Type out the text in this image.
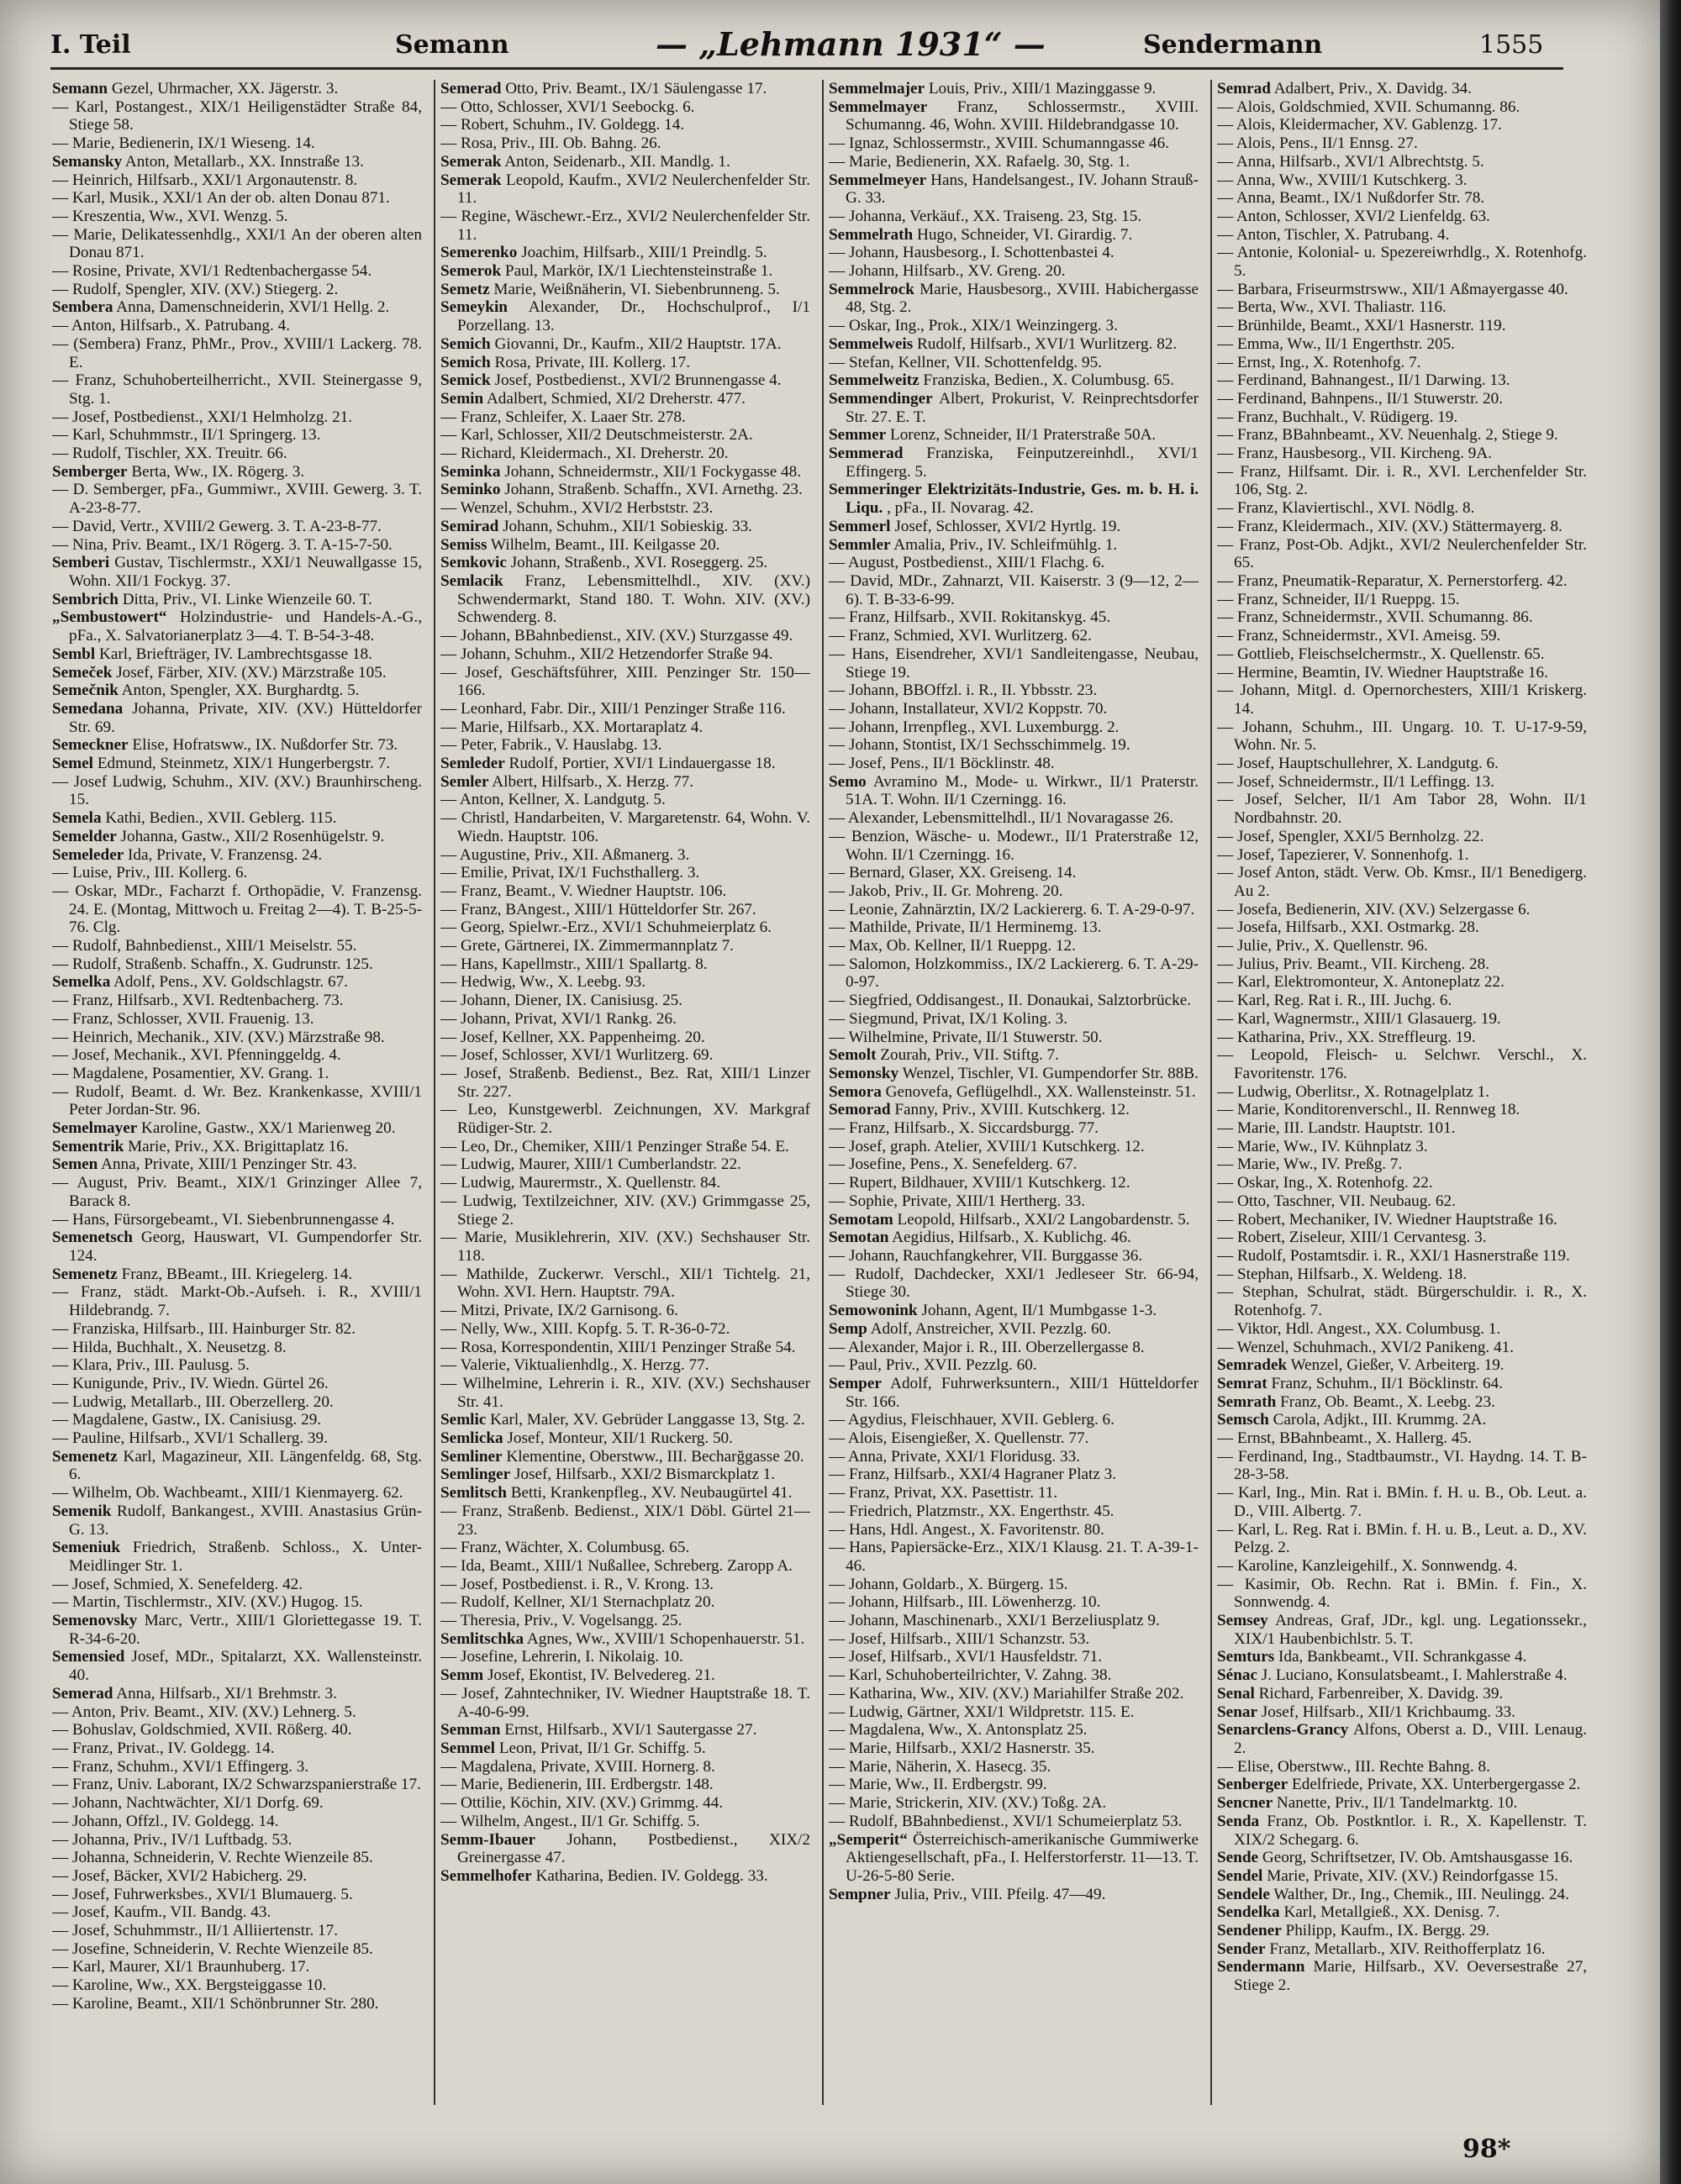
I. Teil	Semann	— „Lehmann 1931“ —	Sendermann	1555

Semann Gezel, Uhrmacher, XX. Jägerstr. 3.

— Karl, Postangest., XIX/1 Heiligenstädter Straße 84, Stiege 58.

— Marie, Bedienerin, IX/1 Wieseng. 14.

Semansky Anton, Metallarb., XX. Innstraße 13.

— Heinrich, Hilfsarb., XXI/1 Argonautenstr. 8.

— Karl, Musik., XXI/1 An der ob. alten Donau 871.

— Kreszentia, Ww., XVI. Wenzg. 5.

— Marie, Delikatessenhdlg., XXI/1 An der oberen alten Donau 871.

— Rosine, Private, XVI/1 Redtenbachergasse 54.

— Rudolf, Spengler, XIV. (XV.) Stiegerg. 2.

Sembera Anna, Damenschneiderin, XVI/1 Hellg. 2.

— Anton, Hilfsarb., X. Patrubang. 4.

— (Sembera) Franz, PhMr., Prov., XVIII/1 Lackerg. 78. E.

— Franz, Schuhoberteilherricht., XVII. Steinergasse 9, Stg. 1.

— Josef, Postbedienst., XXI/1 Helmholzg. 21.

— Karl, Schuhmmstr., II/1 Springerg. 13.

— Rudolf, Tischler, XX. Treuitr. 66.

Semberger Berta, Ww., IX. Rögerg. 3.

— D. Semberger, pFa., Gummiwr., XVIII. Gewerg. 3. T. A-23-8-77.

— David, Vertr., XVIII/2 Gewerg. 3. T. A-23-8-77.

— Nina, Priv. Beamt., IX/1 Rögerg. 3. T. A-15-7-50.

Semberi Gustav, Tischlermstr., XXI/1 Neuwallgasse 15, Wohn. XII/1 Fockyg. 37.

Sembrich Ditta, Priv., VI. Linke Wienzeile 60. T.

„Sembustowert“ Holzindustrie- und Handels-A.-G., pFa., X. Salvatorianerplatz 3—4. T. B-54-3-48.

Sembl Karl, Briefträger, IV. Lambrechtsgasse 18.

Semeček Josef, Färber, XIV. (XV.) Märzstraße 105.

Semečnik Anton, Spengler, XX. Burghardtg. 5.

Semedana Johanna, Private, XIV. (XV.) Hütteldorfer Str. 69.

Semeckner Elise, Hofratsww., IX. Nußdorfer Str. 73.

Semel Edmund, Steinmetz, XIX/1 Hungerbergstr. 7.

— Josef Ludwig, Schuhm., XIV. (XV.) Braunhirscheng. 15.

Semela Kathi, Bedien., XVII. Geblerg. 115.

Semelder Johanna, Gastw., XII/2 Rosenhügelstr. 9.

Semeleder Ida, Private, V. Franzensg. 24.

— Luise, Priv., III. Kollerg. 6.

— Oskar, MDr., Facharzt f. Orthopädie, V. Franzensg. 24. E. (Montag, Mittwoch u. Freitag 2—4). T. B-25-5-76. Clg.

— Rudolf, Bahnbedienst., XIII/1 Meiselstr. 55.

— Rudolf, Straßenb. Schaffn., X. Gudrunstr. 125.

Semelka Adolf, Pens., XV. Goldschlagstr. 67.

— Franz, Hilfsarb., XVI. Redtenbacherg. 73.

— Franz, Schlosser, XVII. Frauenig. 13.

— Heinrich, Mechanik., XIV. (XV.) Märzstraße 98.

— Josef, Mechanik., XVI. Pfenninggeldg. 4.

— Magdalene, Posamentier, XV. Grang. 1.

— Rudolf, Beamt. d. Wr. Bez. Krankenkasse, XVIII/1 Peter Jordan-Str. 96.

Semelmayer Karoline, Gastw., XX/1 Marienweg 20.

Sementrik Marie, Priv., XX. Brigittaplatz 16.

Semen Anna, Private, XIII/1 Penzinger Str. 43.

— August, Priv. Beamt., XIX/1 Grinzinger Allee 7, Barack 8.

— Hans, Fürsorgebeamt., VI. Siebenbrunnengasse 4.

Semenetsch Georg, Hauswart, VI. Gumpendorfer Str. 124.

Semenetz Franz, BBeamt., III. Kriegelerg. 14.

— Franz, städt. Markt-Ob.-Aufseh. i. R., XVIII/1 Hildebrandg. 7.

— Franziska, Hilfsarb., III. Hainburger Str. 82.

— Hilda, Buchhalt., X. Neusetzg. 8.

— Klara, Priv., III. Paulusg. 5.

— Kunigunde, Priv., IV. Wiedn. Gürtel 26.

— Ludwig, Metallarb., III. Oberzellerg. 20.

— Magdalene, Gastw., IX. Canisiusg. 29.

— Pauline, Hilfsarb., XVI/1 Schallerg. 39.

Semenetz Karl, Magazineur, XII. Längenfeldg. 68, Stg. 6.

— Wilhelm, Ob. Wachbeamt., XIII/1 Kienmayerg. 62.

Semenik Rudolf, Bankangest., XVIII. Anastasius Grün-G. 13.

Semeniuk Friedrich, Straßenb. Schloss., X. Unter-Meidlinger Str. 1.

— Josef, Schmied, X. Senefelderg. 42.

— Martin, Tischlermstr., XIV. (XV.) Hugog. 15.

Semenovsky Marc, Vertr., XIII/1 Gloriettegasse 19. T. R-34-6-20.

Semensied Josef, MDr., Spitalarzt, XX. Wallensteinstr. 40.

Semerad Anna, Hilfsarb., XI/1 Brehmstr. 3.

— Anton, Priv. Beamt., XIV. (XV.) Lehnerg. 5.

— Bohuslav, Goldschmied, XVII. Rößerg. 40.

— Franz, Privat., IV. Goldegg. 14.

— Franz, Schuhm., XVI/1 Effingerg. 3.

— Franz, Univ. Laborant, IX/2 Schwarzspanierstraße 17.

— Johann, Nachtwächter, XI/1 Dorfg. 69.

— Johann, Offzl., IV. Goldegg. 14.

— Johanna, Priv., IV/1 Luftbadg. 53.

— Johanna, Schneiderin, V. Rechte Wienzeile 85.

— Josef, Bäcker, XVI/2 Habicherg. 29.

— Josef, Fuhrwerksbes., XVI/1 Blumauerg. 5.

— Josef, Kaufm., VII. Bandg. 43.

— Josef, Schuhmmstr., II/1 Alliiertenstr. 17.

— Josefine, Schneiderin, V. Rechte Wienzeile 85.

— Karl, Maurer, XI/1 Braunhuberg. 17.

— Karoline, Ww., XX. Bergsteiggasse 10.

— Karoline, Beamt., XII/1 Schönbrunner Str. 280.

Semerad Otto, Priv. Beamt., IX/1 Säulengasse 17.

— Otto, Schlosser, XVI/1 Seebockg. 6.

— Robert, Schuhm., IV. Goldegg. 14.

— Rosa, Priv., III. Ob. Bahng. 26.

Semerak Anton, Seidenarb., XII. Mandlg. 1.

Semerak Leopold, Kaufm., XVI/2 Neulerchenfelder Str. 11.

— Regine, Wäschewr.-Erz., XVI/2 Neulerchenfelder Str. 11.

Semerenko Joachim, Hilfsarb., XIII/1 Preindlg. 5.

Semerok Paul, Markör, IX/1 Liechtensteinstraße 1.

Semetz Marie, Weißnäherin, VI. Siebenbrunneng. 5.

Semeykin Alexander, Dr., Hochschulprof., I/1 Porzellang. 13.

Semich Giovanni, Dr., Kaufm., XII/2 Hauptstr. 17A.

Semich Rosa, Private, III. Kollerg. 17.

Semick Josef, Postbedienst., XVI/2 Brunnengasse 4.

Semin Adalbert, Schmied, XI/2 Dreherstr. 477.

— Franz, Schleifer, X. Laaer Str. 278.

— Karl, Schlosser, XII/2 Deutschmeisterstr. 2A.

— Richard, Kleidermach., XI. Dreherstr. 20.

Seminka Johann, Schneidermstr., XII/1 Fockygasse 48.

Seminko Johann, Straßenb. Schaffn., XVI. Arnethg. 23.

— Wenzel, Schuhm., XVI/2 Herbststr. 23.

Semirad Johann, Schuhm., XII/1 Sobieskig. 33.

Semiss Wilhelm, Beamt., III. Keilgasse 20.

Semkovic Johann, Straßenb., XVI. Roseggerg. 25.

Semlacik Franz, Lebensmittelhdl., XIV. (XV.) Schwendermarkt, Stand 180. T. Wohn. XIV. (XV.) Schwenderg. 8.

— Johann, BBahnbedienst., XIV. (XV.) Sturzgasse 49.

— Johann, Schuhm., XII/2 Hetzendorfer Straße 94.

— Josef, Geschäftsführer, XIII. Penzinger Str. 150—166.

— Leonhard, Fabr. Dir., XIII/1 Penzinger Straße 116.

— Marie, Hilfsarb., XX. Mortaraplatz 4.

— Peter, Fabrik., V. Hauslabg. 13.

Semleder Rudolf, Portier, XVI/1 Lindauergasse 18.

Semler Albert, Hilfsarb., X. Herzg. 77.

— Anton, Kellner, X. Landgutg. 5.

— Christl, Handarbeiten, V. Margaretenstr. 64, Wohn. V. Wiedn. Hauptstr. 106.

— Augustine, Priv., XII. Aßmanerg. 3.

— Emilie, Privat, IX/1 Fuchsthallerg. 3.

— Franz, Beamt., V. Wiedner Hauptstr. 106.

— Franz, BAngest., XIII/1 Hütteldorfer Str. 267.

— Georg, Spielwr.-Erz., XVI/1 Schuhmeierplatz 6.

— Grete, Gärtnerei, IX. Zimmermannplatz 7.

— Hans, Kapellmstr., XIII/1 Spallartg. 8.

— Hedwig, Ww., X. Leebg. 93.

— Johann, Diener, IX. Canisiusg. 25.

— Johann, Privat, XVI/1 Rankg. 26.

— Josef, Kellner, XX. Pappenheimg. 20.

— Josef, Schlosser, XVI/1 Wurlitzerg. 69.

— Josef, Straßenb. Bedienst., Bez. Rat, XIII/1 Linzer Str. 227.

— Leo, Kunstgewerbl. Zeichnungen, XV. Markgraf Rüdiger-Str. 2.

— Leo, Dr., Chemiker, XIII/1 Penzinger Straße 54. E.

— Ludwig, Maurer, XIII/1 Cumberlandstr. 22.

— Ludwig, Maurermstr., X. Quellenstr. 84.

— Ludwig, Textilzeichner, XIV. (XV.) Grimmgasse 25, Stiege 2.

— Marie, Musiklehrerin, XIV. (XV.) Sechshauser Str. 118.

— Mathilde, Zuckerwr. Verschl., XII/1 Tichtelg. 21, Wohn. XVI. Hern. Hauptstr. 79A.

— Mitzi, Private, IX/2 Garnisong. 6.

— Nelly, Ww., XIII. Kopfg. 5. T. R-36-0-72.

— Rosa, Korrespondentin, XIII/1 Penzinger Straße 54.

— Valerie, Viktualienhdlg., X. Herzg. 77.

— Wilhelmine, Lehrerin i. R., XIV. (XV.) Sechshauser Str. 41.

Semlic Karl, Maler, XV. Gebrüder Langgasse 13, Stg. 2.

Semlicka Josef, Monteur, XII/1 Ruckerg. 50.

Semliner Klementine, Oberstww., III. Becharğgasse 20.

Semlinger Josef, Hilfsarb., XXI/2 Bismarckplatz 1.

Semlitsch Betti, Krankenpfleg., XV. Neubaugürtel 41.

— Franz, Straßenb. Bedienst., XIX/1 Döbl. Gürtel 21—23.

— Franz, Wächter, X. Columbusg. 65.

— Ida, Beamt., XIII/1 Nußallee, Schreberg. Zaropp A.

— Josef, Postbedienst. i. R., V. Krong. 13.

— Rudolf, Kellner, XI/1 Sternachplatz 20.

— Theresia, Priv., V. Vogelsangg. 25.

Semlitschka Agnes, Ww., XVIII/1 Schopenhauerstr. 51.

— Josefine, Lehrerin, I. Nikolaig. 10.

Semm Josef, Ekontist, IV. Belvedereg. 21.

— Josef, Zahntechniker, IV. Wiedner Hauptstraße 18. T. A-40-6-99.

Semman Ernst, Hilfsarb., XVI/1 Sautergasse 27.

Semmel Leon, Privat, II/1 Gr. Schiffg. 5.

— Magdalena, Private, XVIII. Hornerg. 8.

— Marie, Bedienerin, III. Erdbergstr. 148.

— Ottilie, Köchin, XIV. (XV.) Grimmg. 44.

— Wilhelm, Angest., II/1 Gr. Schiffg. 5.

Semm-Ibauer Johann, Postbedienst., XIX/2 Greinergasse 47.

Semmelhofer Katharina, Bedien. IV. Goldegg. 33.

Semmelmajer Louis, Priv., XIII/1 Mazinggasse 9.

Semmelmayer Franz, Schlossermstr., XVIII. Schumanng. 46, Wohn. XVIII. Hildebrandgasse 10.

— Ignaz, Schlossermstr., XVIII. Schumanngasse 46.

— Marie, Bedienerin, XX. Rafaelg. 30, Stg. 1.

Semmelmeyer Hans, Handelsangest., IV. Johann Strauß-G. 33.

— Johanna, Verkäuf., XX. Traiseng. 23, Stg. 15.

Semmelrath Hugo, Schneider, VI. Girardig. 7.

— Johann, Hausbesorg., I. Schottenbastei 4.

— Johann, Hilfsarb., XV. Greng. 20.

Semmelrock Marie, Hausbesorg., XVIII. Habichergasse 48, Stg. 2.

— Oskar, Ing., Prok., XIX/1 Weinzingerg. 3.

Semmelweis Rudolf, Hilfsarb., XVI/1 Wurlitzerg. 82.

— Stefan, Kellner, VII. Schottenfeldg. 95.

Semmelweitz Franziska, Bedien., X. Columbusg. 65.

Semmendinger Albert, Prokurist, V. Reinprechtsdorfer Str. 27. E. T.

Semmer Lorenz, Schneider, II/1 Praterstraße 50A.

Semmerad Franziska, Feinputzereinhdl., XVI/1 Effingerg. 5.

Semmeringer Elektrizitäts-Industrie, Ges. m. b. H. i. Liqu. , pFa., II. Novarag. 42.

Semmerl Josef, Schlosser, XVI/2 Hyrtlg. 19.

Semmler Amalia, Priv., IV. Schleifmühlg. 1.

— August, Postbedienst., XIII/1 Flachg. 6.

— David, MDr., Zahnarzt, VII. Kaiserstr. 3 (9—12, 2—6). T. B-33-6-99.

— Franz, Hilfsarb., XVII. Rokitanskyg. 45.

— Franz, Schmied, XVI. Wurlitzerg. 62.

— Hans, Eisendreher, XVI/1 Sandleitengasse, Neubau, Stiege 19.

— Johann, BBOffzl. i. R., II. Ybbsstr. 23.

— Johann, Installateur, XVI/2 Koppstr. 70.

— Johann, Irrenpfleg., XVI. Luxemburgg. 2.

— Johann, Stontist, IX/1 Sechsschimmelg. 19.

— Josef, Pens., II/1 Böcklinstr. 48.

Semo Avramino M., Mode- u. Wirkwr., II/1 Praterstr. 51A. T. Wohn. II/1 Czerningg. 16.

— Alexander, Lebensmittelhdl., II/1 Novaragasse 26.

— Benzion, Wäsche- u. Modewr., II/1 Praterstraße 12, Wohn. II/1 Czerningg. 16.

— Bernard, Glaser, XX. Greiseng. 14.

— Jakob, Priv., II. Gr. Mohreng. 20.

— Leonie, Zahnärztin, IX/2 Lackiererg. 6. T. A-29-0-97.

— Mathilde, Private, II/1 Herminemg. 13.

— Max, Ob. Kellner, II/1 Rueppg. 12.

— Salomon, Holzkommiss., IX/2 Lackiererg. 6. T. A-29-0-97.

— Siegfried, Oddisangest., II. Donaukai, Salztorbrücke.

— Siegmund, Privat, IX/1 Koling. 3.

— Wilhelmine, Private, II/1 Stuwerstr. 50.

Semolt Zourah, Priv., VII. Stiftg. 7.

Semonsky Wenzel, Tischler, VI. Gumpendorfer Str. 88B.

Semora Genovefa, Geflügelhdl., XX. Wallensteinstr. 51.

Semorad Fanny, Priv., XVIII. Kutschkerg. 12.

— Franz, Hilfsarb., X. Siccardsburgg. 77.

— Josef, graph. Atelier, XVIII/1 Kutschkerg. 12.

— Josefine, Pens., X. Senefelderg. 67.

— Rupert, Bildhauer, XVIII/1 Kutschkerg. 12.

— Sophie, Private, XIII/1 Hertherg. 33.

Semotam Leopold, Hilfsarb., XXI/2 Langobardenstr. 5.

Semotan Aegidius, Hilfsarb., X. Kublichg. 46.

— Johann, Rauchfangkehrer, VII. Burggasse 36.

— Rudolf, Dachdecker, XXI/1 Jedleseer Str. 66-94, Stiege 30.

Semowonink Johann, Agent, II/1 Mumbgasse 1-3.

Semp Adolf, Anstreicher, XVII. Pezzlg. 60.

— Alexander, Major i. R., III. Oberzellergasse 8.

— Paul, Priv., XVII. Pezzlg. 60.

Semper Adolf, Fuhrwerksuntern., XIII/1 Hütteldorfer Str. 166.

— Agydius, Fleischhauer, XVII. Geblerg. 6.

— Alois, Eisengießer, X. Quellenstr. 77.

— Anna, Private, XXI/1 Floridusg. 33.

— Franz, Hilfsarb., XXI/4 Hagraner Platz 3.

— Franz, Privat, XX. Pasettistr. 11.

— Friedrich, Platzmstr., XX. Engerthstr. 45.

— Hans, Hdl. Angest., X. Favoritenstr. 80.

— Hans, Papiersäcke-Erz., XIX/1 Klausg. 21. T. A-39-1-46.

— Johann, Goldarb., X. Bürgerg. 15.

— Johann, Hilfsarb., III. Löwenherzg. 10.

— Johann, Maschinenarb., XXI/1 Berzeliusplatz 9.

— Josef, Hilfsarb., XIII/1 Schanzstr. 53.

— Josef, Hilfsarb., XVI/1 Hausfeldstr. 71.

— Karl, Schuhoberteilrichter, V. Zahng. 38.

— Katharina, Ww., XIV. (XV.) Mariahilfer Straße 202.

— Ludwig, Gärtner, XXI/1 Wildpretstr. 115. E.

— Magdalena, Ww., X. Antonsplatz 25.

— Marie, Hilfsarb., XXI/2 Hasnerstr. 35.

— Marie, Näherin, X. Hasecg. 35.

— Marie, Ww., II. Erdbergstr. 99.

— Marie, Strickerin, XIV. (XV.) Toßg. 2A.

— Rudolf, BBahnbedienst., XVI/1 Schumeierplatz 53.

„Semperit“ Österreichisch-amerikanische Gummiwerke Aktiengesellschaft, pFa., I. Helferstorferstr. 11—13. T. U-26-5-80 Serie.

Sempner Julia, Priv., VIII. Pfeilg. 47—49.

Semrad Adalbert, Priv., X. Davidg. 34.

— Alois, Goldschmied, XVII. Schumanng. 86.

— Alois, Kleidermacher, XV. Gablenzg. 17.

— Alois, Pens., II/1 Ennsg. 27.

— Anna, Hilfsarb., XVI/1 Albrechtstg. 5.

— Anna, Ww., XVIII/1 Kutschkerg. 3.

— Anna, Beamt., IX/1 Nußdorfer Str. 78.

— Anton, Schlosser, XVI/2 Lienfeldg. 63.

— Anton, Tischler, X. Patrubang. 4.

— Antonie, Kolonial- u. Spezereiwrhdlg., X. Rotenhofg. 5.

— Barbara, Friseurmstrsww., XII/1 Aßmayergasse 40.

— Berta, Ww., XVI. Thaliastr. 116.

— Brünhilde, Beamt., XXI/1 Hasnerstr. 119.

— Emma, Ww., II/1 Engerthstr. 205.

— Ernst, Ing., X. Rotenhofg. 7.

— Ferdinand, Bahnangest., II/1 Darwing. 13.

— Ferdinand, Bahnpens., II/1 Stuwerstr. 20.

— Franz, Buchhalt., V. Rüdigerg. 19.

— Franz, BBahnbeamt., XV. Neuenhalg. 2, Stiege 9.

— Franz, Hausbesorg., VII. Kircheng. 9A.

— Franz, Hilfsamt. Dir. i. R., XVI. Lerchenfelder Str. 106, Stg. 2.

— Franz, Klaviertischl., XVI. Nödlg. 8.

— Franz, Kleidermach., XIV. (XV.) Stättermayerg. 8.

— Franz, Post-Ob. Adjkt., XVI/2 Neulerchenfelder Str. 65.

— Franz, Pneumatik-Reparatur, X. Pernerstorferg. 42.

— Franz, Schneider, II/1 Rueppg. 15.

— Franz, Schneidermstr., XVII. Schumanng. 86.

— Franz, Schneidermstr., XVI. Ameisg. 59.

— Gottlieb, Fleischselchermstr., X. Quellenstr. 65.

— Hermine, Beamtin, IV. Wiedner Hauptstraße 16.

— Johann, Mitgl. d. Opernorchesters, XIII/1 Kriskerg. 14.

— Johann, Schuhm., III. Ungarg. 10. T. U-17-9-59, Wohn. Nr. 5.

— Josef, Hauptschullehrer, X. Landgutg. 6.

— Josef, Schneidermstr., II/1 Leffingg. 13.

— Josef, Selcher, II/1 Am Tabor 28, Wohn. II/1 Nordbahnstr. 20.

— Josef, Spengler, XXI/5 Bernholzg. 22.

— Josef, Tapezierer, V. Sonnenhofg. 1.

— Josef Anton, städt. Verw. Ob. Kmsr., II/1 Benedigerg. Au 2.

— Josefa, Bedienerin, XIV. (XV.) Selzergasse 6.

— Josefa, Hilfsarb., XXI. Ostmarkg. 28.

— Julie, Priv., X. Quellenstr. 96.

— Julius, Priv. Beamt., VII. Kircheng. 28.

— Karl, Elektromonteur, X. Antoneplatz 22.

— Karl, Reg. Rat i. R., III. Juchg. 6.

— Karl, Wagnermstr., XIII/1 Glasauerg. 19.

— Katharina, Priv., XX. Streffleurg. 19.

— Leopold, Fleisch- u. Selchwr. Verschl., X. Favoritenstr. 176.

— Ludwig, Oberlitsr., X. Rotnagelplatz 1.

— Marie, Konditorenverschl., II. Rennweg 18.

— Marie, III. Landstr. Hauptstr. 101.

— Marie, Ww., IV. Kühnplatz 3.

— Marie, Ww., IV. Preßg. 7.

— Oskar, Ing., X. Rotenhofg. 22.

— Otto, Taschner, VII. Neubaug. 62.

— Robert, Mechaniker, IV. Wiedner Hauptstraße 16.

— Robert, Ziseleur, XIII/1 Cervantesg. 3.

— Rudolf, Postamtsdir. i. R., XXI/1 Hasnerstraße 119.

— Stephan, Hilfsarb., X. Weldeng. 18.

— Stephan, Schulrat, städt. Bürgerschuldir. i. R., X. Rotenhofg. 7.

— Viktor, Hdl. Angest., XX. Columbusg. 1.

— Wenzel, Schuhmach., XVI/2 Panikeng. 41.

Semradek Wenzel, Gießer, V. Arbeiterg. 19.

Semrat Franz, Schuhm., II/1 Böcklinstr. 64.

Semrath Franz, Ob. Beamt., X. Leebg. 23.

Semsch Carola, Adjkt., III. Krummg. 2A.

— Ernst, BBahnbeamt., X. Hallerg. 45.

— Ferdinand, Ing., Stadtbaumstr., VI. Haydng. 14. T. B-28-3-58.

— Karl, Ing., Min. Rat i. BMin. f. H. u. B., Ob. Leut. a. D., VIII. Albertg. 7.

— Karl, L. Reg. Rat i. BMin. f. H. u. B., Leut. a. D., XV. Pelzg. 2.

— Karoline, Kanzleigehilf., X. Sonnwendg. 4.

— Kasimir, Ob. Rechn. Rat i. BMin. f. Fin., X. Sonnwendg. 4.

Semsey Andreas, Graf, JDr., kgl. ung. Legationssekr., XIX/1 Haubenbichlstr. 5. T.

Semturs Ida, Bankbeamt., VII. Schrankgasse 4.

Sénac J. Luciano, Konsulatsbeamt., I. Mahlerstraße 4.

Senal Richard, Farbenreiber, X. Davidg. 39.

Senar Josef, Hilfsarb., XII/1 Krichbaumg. 33.

Senarclens-Grancy Alfons, Oberst a. D., VIII. Lenaug. 2.

— Elise, Oberstww., III. Rechte Bahng. 8.

Senberger Edelfriede, Private, XX. Unterbergergasse 2.

Sencner Nanette, Priv., II/1 Tandelmarktg. 10.

Senda Franz, Ob. Postkntlor. i. R., X. Kapellenstr. T. XIX/2 Schegarg. 6.

Sende Georg, Schriftsetzer, IV. Ob. Amtshausgasse 16.

Sendel Marie, Private, XIV. (XV.) Reindorfgasse 15.

Sendele Walther, Dr., Ing., Chemik., III. Neulingg. 24.

Sendelka Karl, Metallgieß., XX. Denisg. 7.

Sendener Philipp, Kaufm., IX. Bergg. 29.

Sender Franz, Metallarb., XIV. Reithofferplatz 16.

Sendermann Marie, Hilfsarb., XV. Oeversestraße 27, Stiege 2.

98*
